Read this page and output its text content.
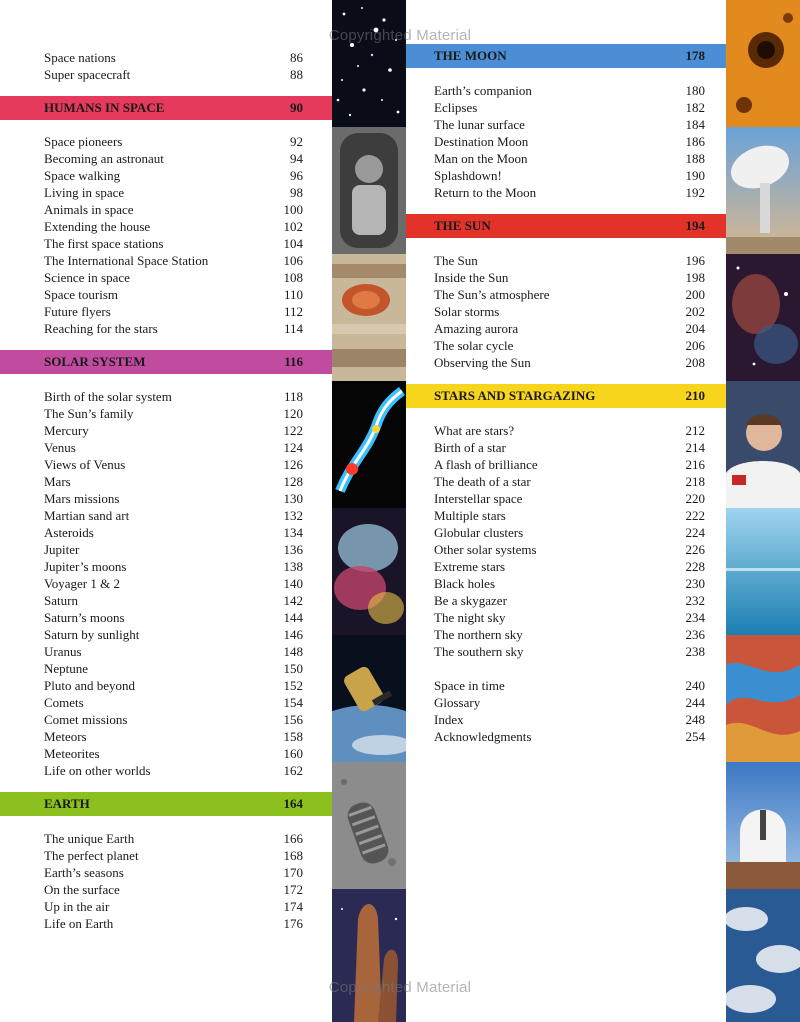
Space nations	86
Super spacecraft	88
HUMANS IN SPACE	90
Space pioneers	92
Becoming an astronaut	94
Space walking	96
Living in space	98
Animals in space	100
Extending the house	102
The first space stations	104
The International Space Station	106
Science in space	108
Space tourism	110
Future flyers	112
Reaching for the stars	114
SOLAR SYSTEM	116
Birth of the solar system	118
The Sun’s family	120
Mercury	122
Venus	124
Views of Venus	126
Mars	128
Mars missions	130
Martian sand art	132
Asteroids	134
Jupiter	136
Jupiter’s moons	138
Voyager 1 & 2	140
Saturn	142
Saturn’s moons	144
Saturn by sunlight	146
Uranus	148
Neptune	150
Pluto and beyond	152
Comets	154
Comet missions	156
Meteors	158
Meteorites	160
Life on other worlds	162
EARTH	164
The unique Earth	166
The perfect planet	168
Earth’s seasons	170
On the surface	172
Up in the air	174
Life on Earth	176
THE MOON	178
Earth’s companion	180
Eclipses	182
The lunar surface	184
Destination Moon	186
Man on the Moon	188
Splashdown!	190
Return to the Moon	192
THE SUN	194
The Sun	196
Inside the Sun	198
The Sun’s atmosphere	200
Solar storms	202
Amazing aurora	204
The solar cycle	206
Observing the Sun	208
STARS AND STARGAZING	210
What are stars?	212
Birth of a star	214
A flash of brilliance	216
The death of a star	218
Interstellar space	220
Multiple stars	222
Globular clusters	224
Other solar systems	226
Extreme stars	228
Black holes	230
Be a skygazer	232
The night sky	234
The northern sky	236
The southern sky	238
Space in time	240
Glossary	244
Index	248
Acknowledgments	254
Copyrighted Material
Copyrighted Material
